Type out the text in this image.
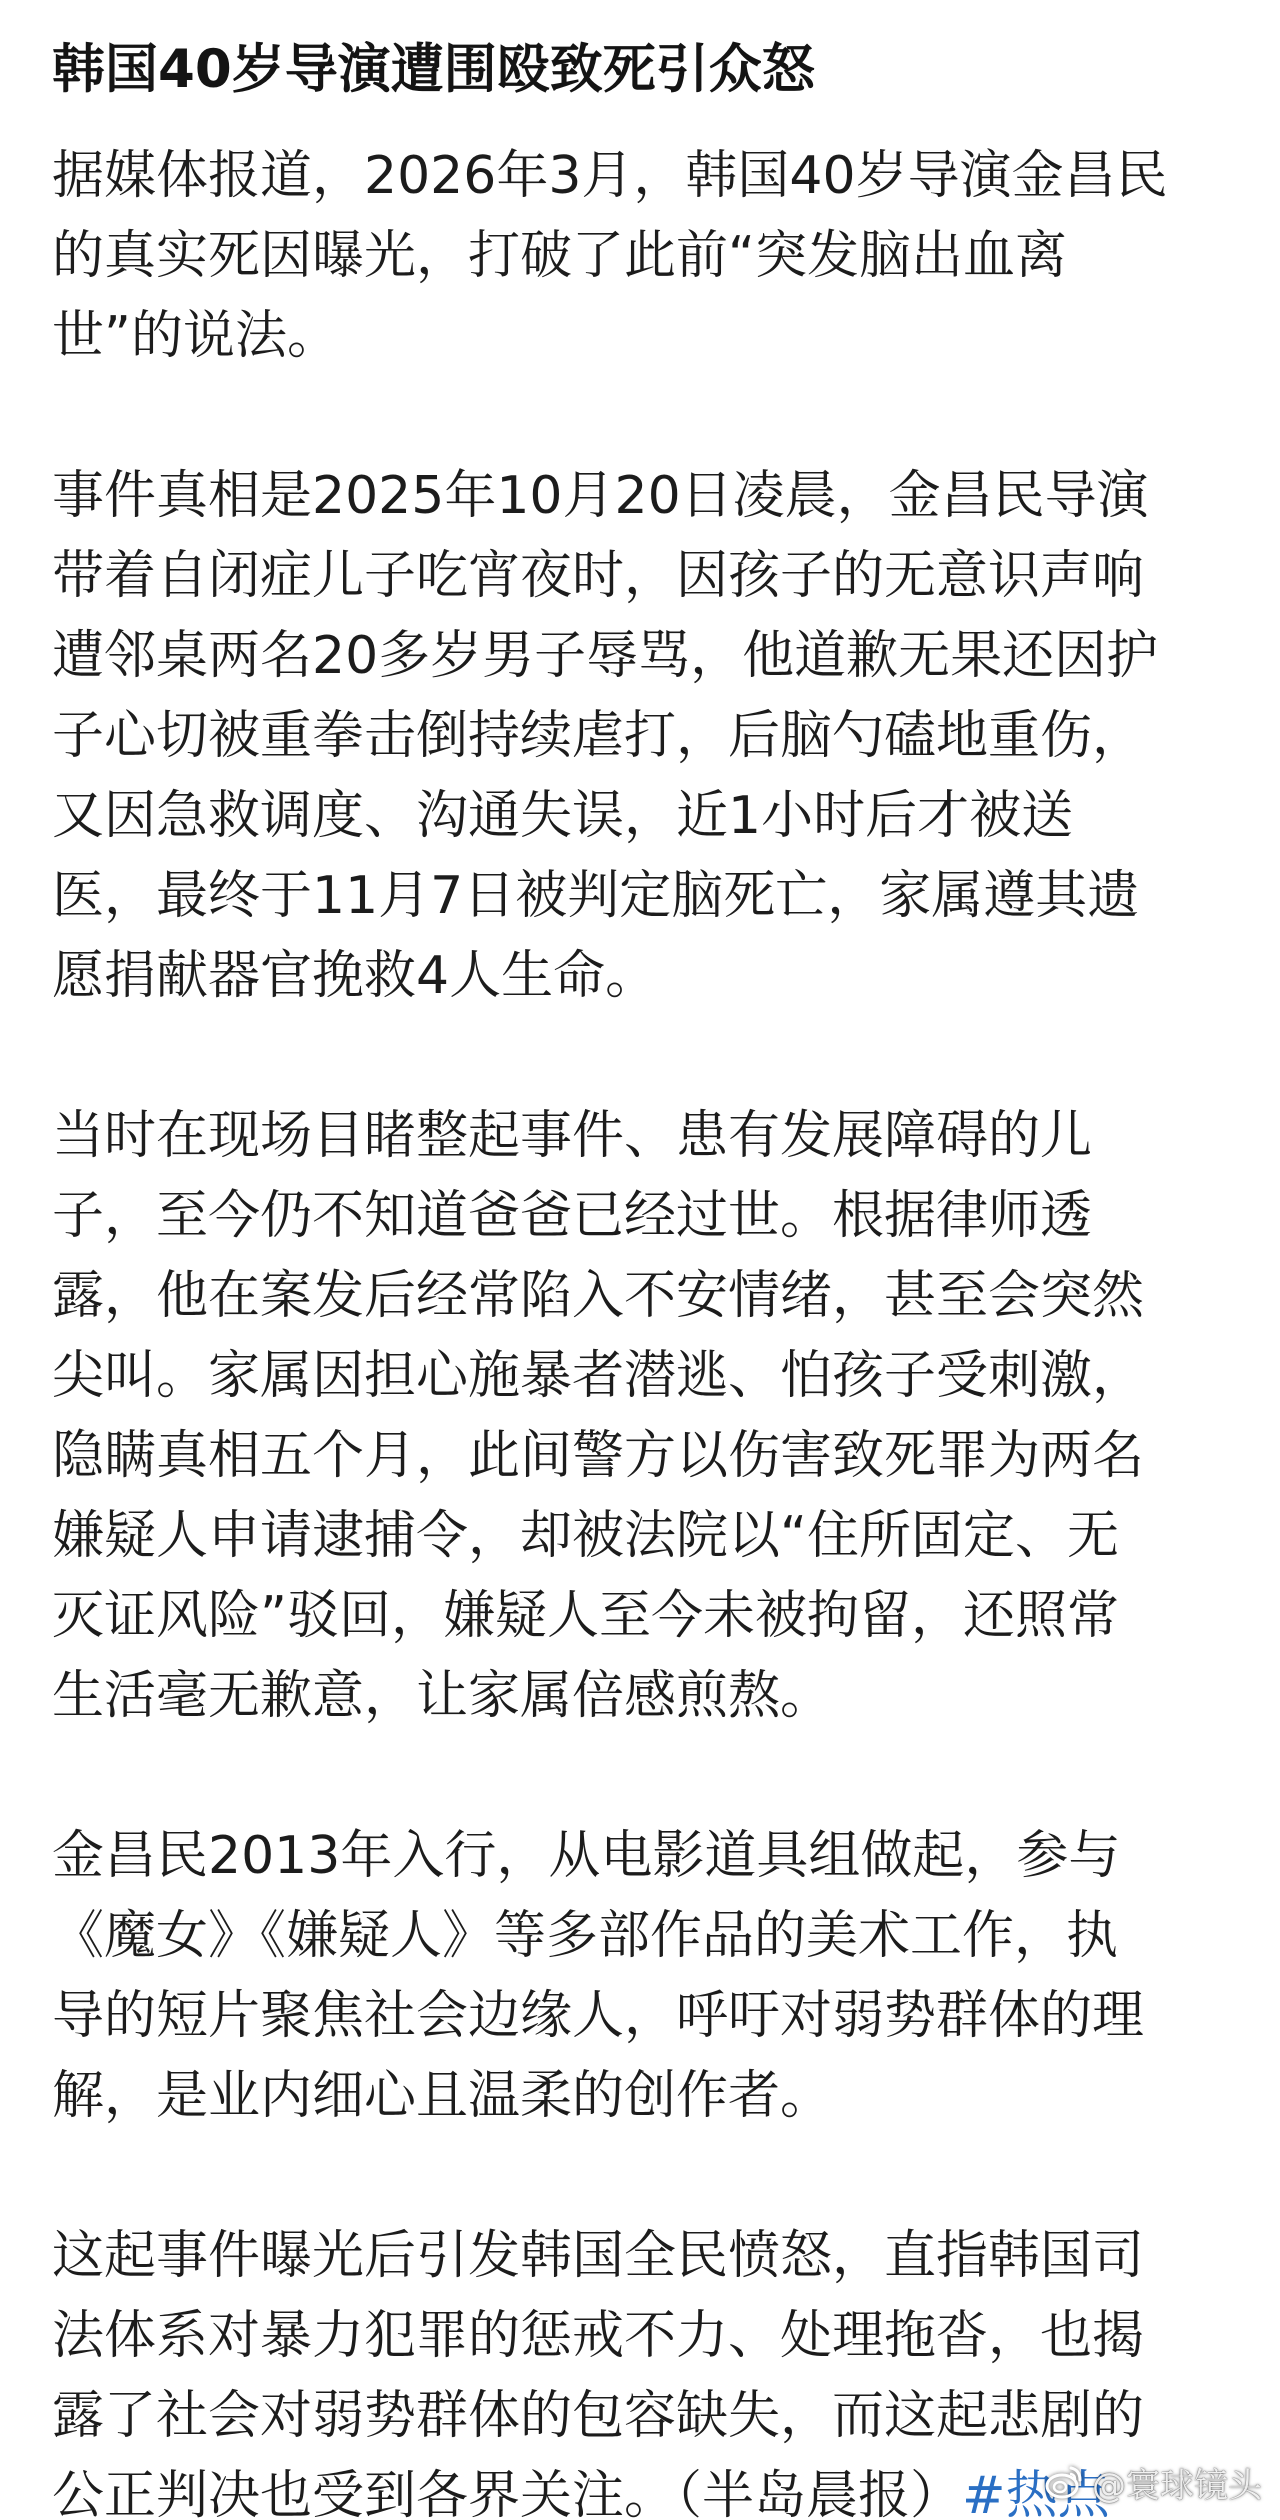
韩国40岁导演遭围殴致死引众怒
据媒体报道，2026年3月，韩国40岁导演金昌民
的真实死因曝光，打破了此前“突发脑出血离
世”的说法。
事件真相是2025年10月20日凌晨，金昌民导演
带着自闭症儿子吃宵夜时，因孩子的无意识声响
遭邻桌两名20多岁男子辱骂，他道歉无果还因护
子心切被重拳击倒持续虐打，后脑勺磕地重伤，
又因急救调度、沟通失误，近1小时后才被送
医，最终于11月7日被判定脑死亡，家属遵其遗
愿捐献器官挽救4人生命。
当时在现场目睹整起事件、患有发展障碍的儿
子，至今仍不知道爸爸已经过世。根据律师透
露，他在案发后经常陷入不安情绪，甚至会突然
尖叫。家属因担心施暴者潜逃、怕孩子受刺激，
隐瞒真相五个月，此间警方以伤害致死罪为两名
嫌疑人申请逮捕令，却被法院以“住所固定、无
灭证风险”驳回，嫌疑人至今未被拘留，还照常
生活毫无歉意，让家属倍感煎熬。
金昌民2013年入行，从电影道具组做起，参与
《魔女》《嫌疑人》等多部作品的美术工作，执
导的短片聚焦社会边缘人，呼吁对弱势群体的理
解，是业内细心且温柔的创作者。
这起事件曝光后引发韩国全民愤怒，直指韩国司
法体系对暴力犯罪的惩戒不力、处理拖沓，也揭
露了社会对弱势群体的包容缺失，而这起悲剧的
公正判决也受到各界关注。（半岛晨报）#热点
@寰球镜头
